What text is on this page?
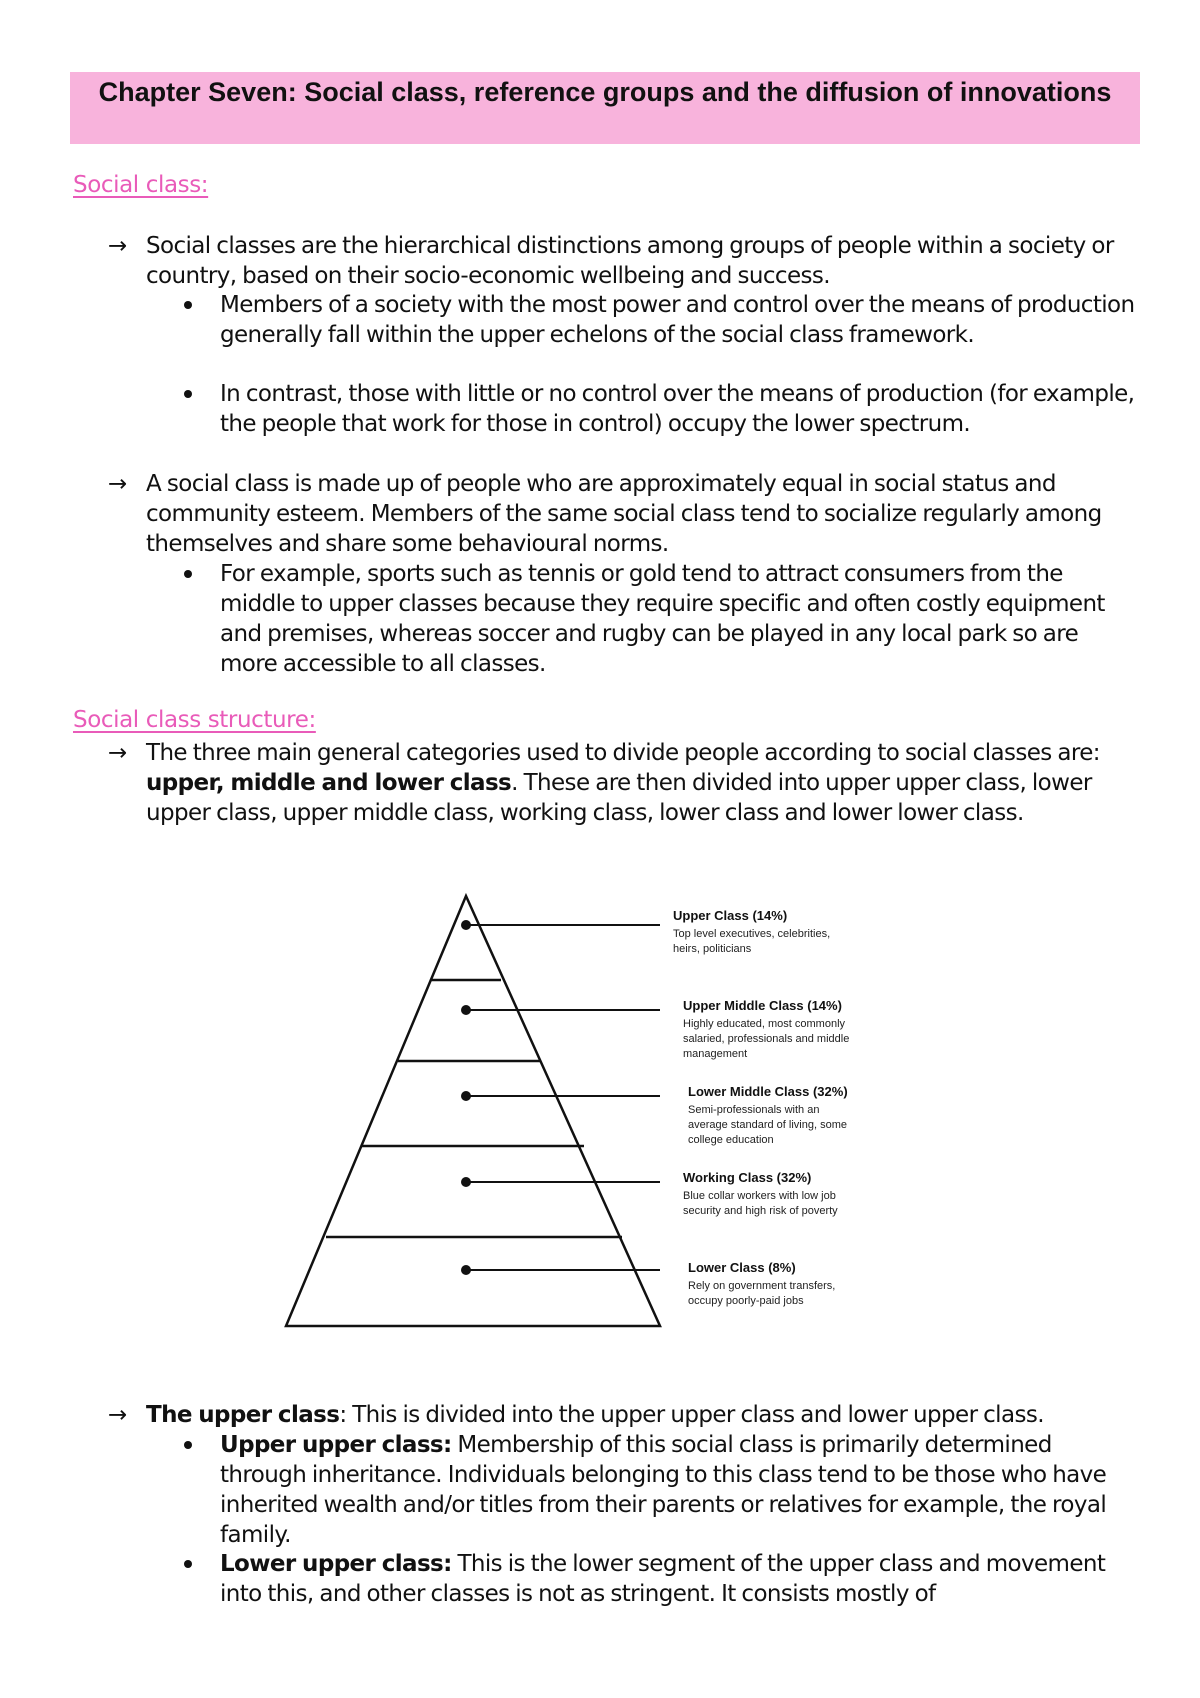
Chapter Seven: Social class, reference groups and the diffusion of innovations
Social class:
→ Social classes are the hierarchical distinctions among groups of people within a society or country, based on their socio-economic wellbeing and success.
Members of a society with the most power and control over the means of production generally fall within the upper echelons of the social class framework.
In contrast, those with little or no control over the means of production (for example, the people that work for those in control) occupy the lower spectrum.
→ A social class is made up of people who are approximately equal in social status and community esteem. Members of the same social class tend to socialize regularly among themselves and share some behavioural norms.
For example, sports such as tennis or gold tend to attract consumers from the middle to upper classes because they require specific and often costly equipment and premises, whereas soccer and rugby can be played in any local park so are more accessible to all classes.
Social class structure:
→ The three main general categories used to divide people according to social classes are: upper, middle and lower class. These are then divided into upper upper class, lower upper class, upper middle class, working class, lower class and lower lower class.
Upper Class (14%)
Top level executives, celebrities,
heirs, politicians
Upper Middle Class (14%)
Highly educated, most commonly
salaried, professionals and middle
management
Lower Middle Class (32%)
Semi-professionals with an
average standard of living, some
college education
Working Class (32%)
Blue collar workers with low job
security and high risk of poverty
Lower Class (8%)
Rely on government transfers,
occupy poorly-paid jobs
→ The upper class: This is divided into the upper upper class and lower upper class.
Upper upper class: Membership of this social class is primarily determined through inheritance. Individuals belonging to this class tend to be those who have inherited wealth and/or titles from their parents or relatives for example, the royal family.
Lower upper class: This is the lower segment of the upper class and movement into this, and other classes is not as stringent. It consists mostly of
